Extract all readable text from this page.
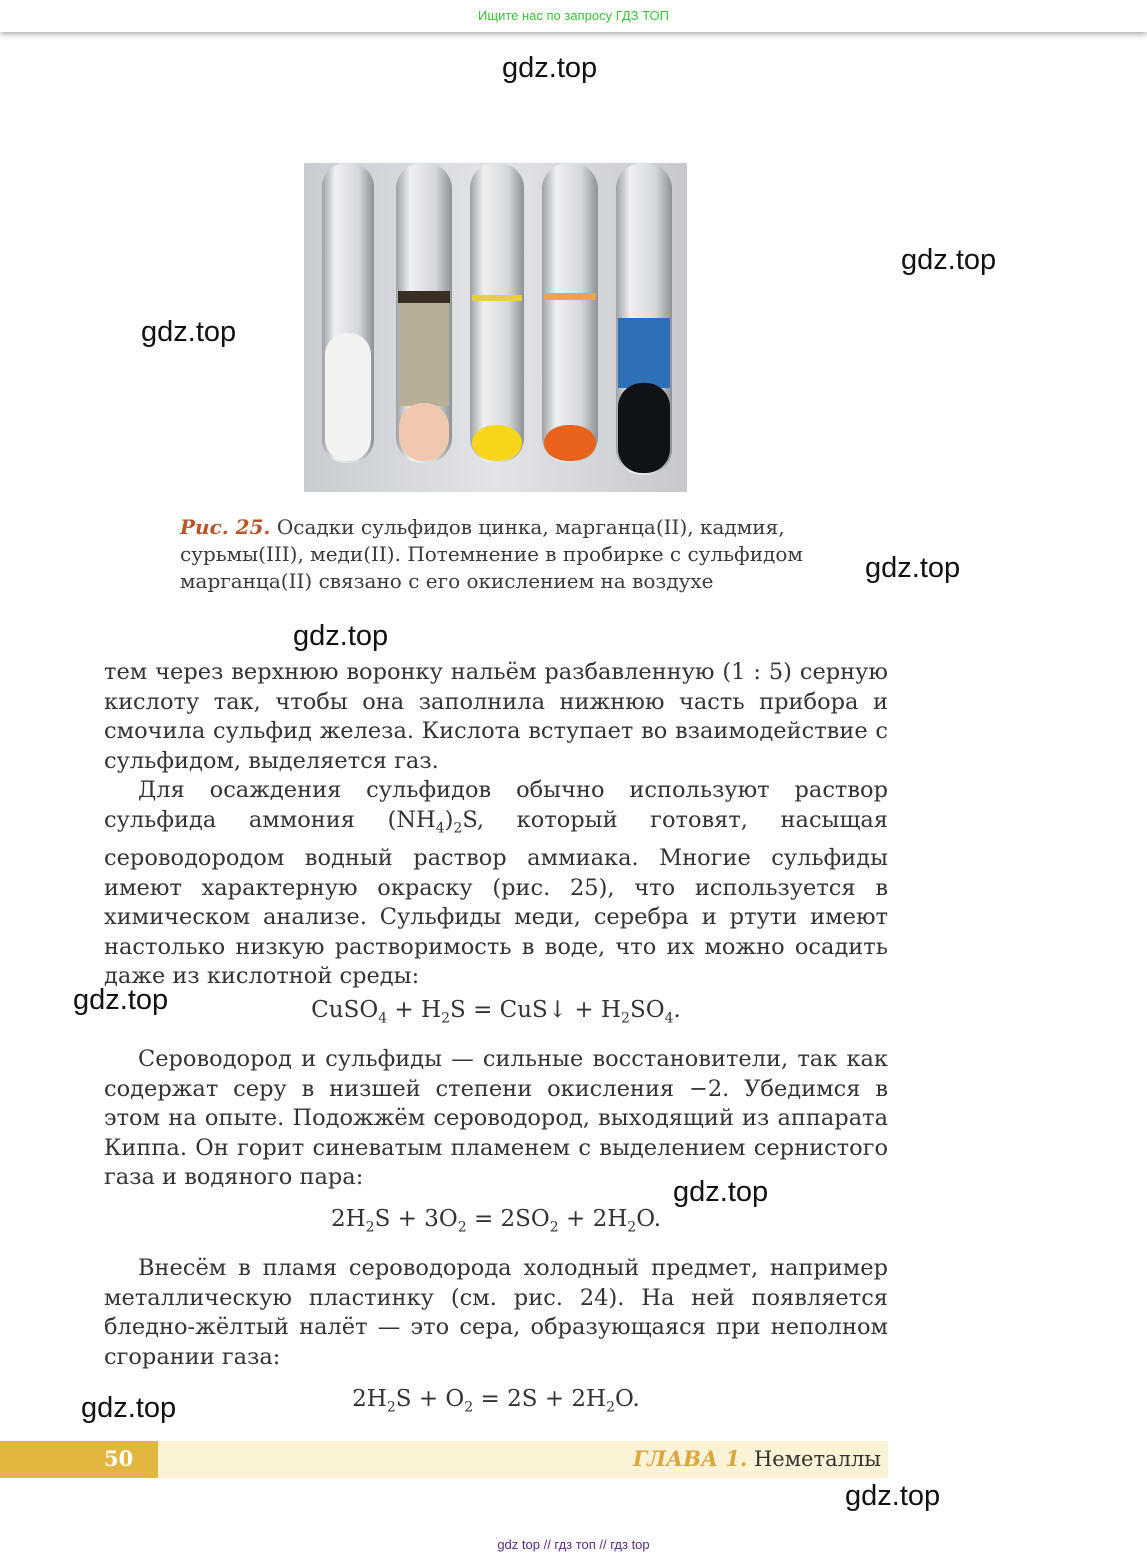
Ищите нас по запросу ГДЗ ТОП
gdz.top
gdz.top
gdz.top
gdz.top
gdz.top
gdz.top
gdz.top
gdz.top
gdz.top
Рис. 25. Осадки сульфидов цинка, марганца(II), кадмия, сурьмы(III), меди(II). Потемнение в пробирке с сульфидом марганца(II) связано с его окислением на воздухе

тем через верхнюю воронку нальём разбавленную (1 : 5) серную кислоту так, чтобы она заполнила нижнюю часть прибора и смочила сульфид железа. Кислота вступает во взаимодействие с сульфидом, выделяется газ.

Для осаждения сульфидов обычно используют раствор сульфида аммония $(NH_4)_2S$, который готовят, насыщая сероводородом водный раствор аммиака. Многие сульфиды имеют характерную окраску (рис. 25), что используется в химическом анализе. Сульфиды меди, серебра и ртути имеют настолько низкую растворимость в воде, что их можно осадить даже из кислотной среды:

CuSO$_4$ + $H_2S$ = CuS↓ + $H_2SO_4$.

Сероводород и сульфиды — сильные восстановители, так как содержат серу в низшей степени окисления −2. Убедимся в этом на опыте. Подожжём сероводород, выходящий из аппарата Киппа. Он горит синеватым пламенем с выделением сернистого газа и водяного пара:

$2H_2S + 3O_2 = 2SO_2 + 2H_2O$.

Внесём в пламя сероводорода холодный предмет, например металлическую пластинку (см. рис. 24). На ней появляется бледно-жёлтый налёт — это сера, образующаяся при неполном сгорании газа:

$2H_2S + O_2 = 2S + 2H_2O$.
50	ГЛАВА 1. Неметаллы
gdz top // гдз топ // гдз top
